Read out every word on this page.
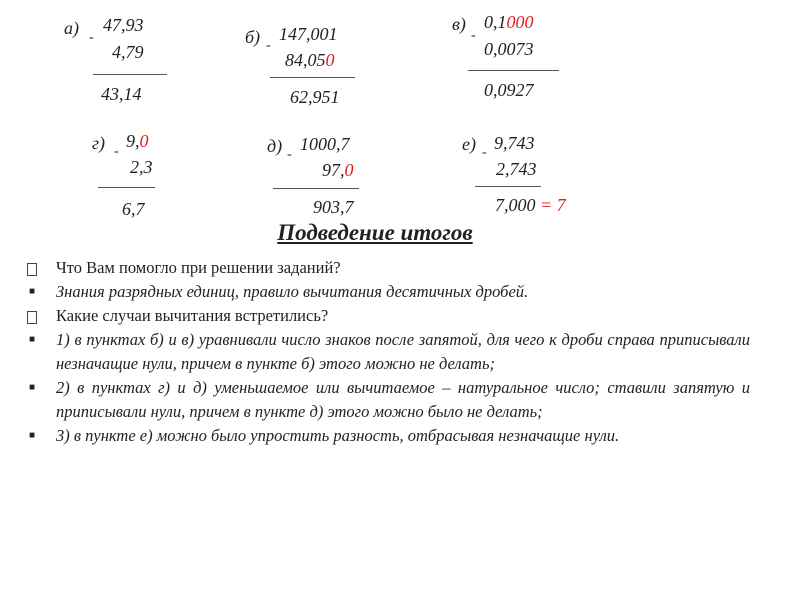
а) -
47,93
4,79
43,14
б) -
147,001
84,050
62,951
в)
-
0,1000
0,0073
0,0927
г) -
9,0
2,3
6,7
д) -
1000,7
97,0
903,7
е) - 9,743
2,743
7,000 = 7
Подведение итогов
Что Вам помогло при решении заданий?
■	Знания разрядных единиц, правило вычитания десятичных дробей.
Какие случаи вычитания встретились?
■	1) в пунктах б) и в) уравнивали число знаков после запятой, для чего к дроби справа приписывали незначащие нули, причем в пункте б) этого можно не делать;
■	2) в пунктах г) и д) уменьшаемое или вычитаемое – натуральное число; ставили запятую и приписывали нули, причем в пункте д) этого можно было не делать;
■	3) в пункте е) можно было упростить разность, отбрасывая незначащие нули.
